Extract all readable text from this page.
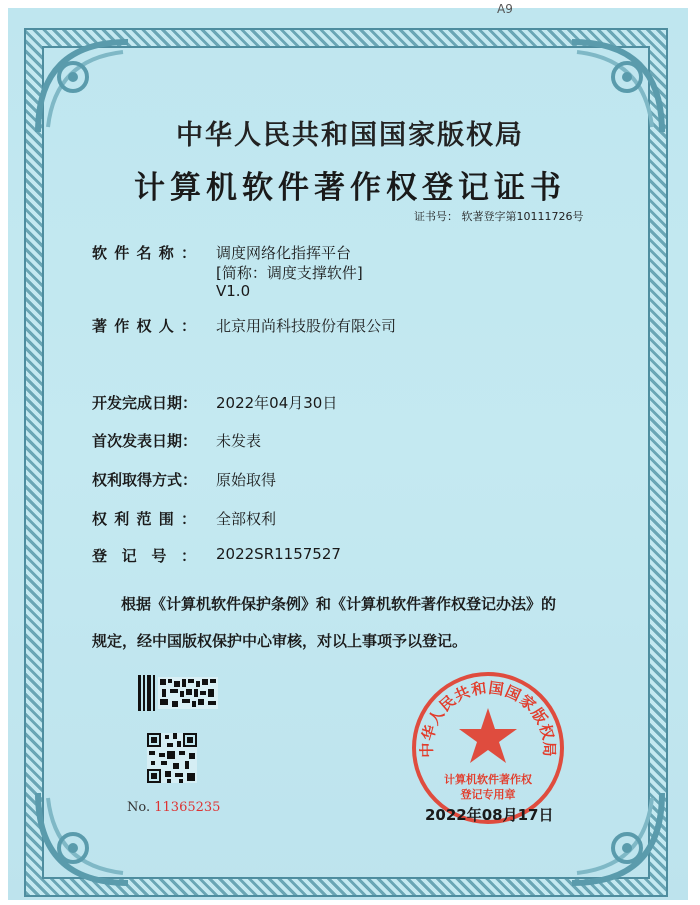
A9
中华人民共和国国家版权局
计算机软件著作权登记证书
证书号： 软著登字第10111726号
软件名称： 调度网络化指挥平台
[简称：调度支撑软件]
V1.0
著作权人： 北京用尚科技股份有限公司
开发完成日期：	2022年04月30日
首次发表日期：	未发表
权利取得方式：	原始取得
权利范围： 全部权利
登记号： 2022SR1157527
根据《计算机软件保护条例》和《计算机软件著作权登记办法》的
规定，经中国版权保护中心审核，对以上事项予以登记。
No. 11365235
中华人民共和国国家版权局
计算机软件著作权
登记专用章
2022年08月17日
